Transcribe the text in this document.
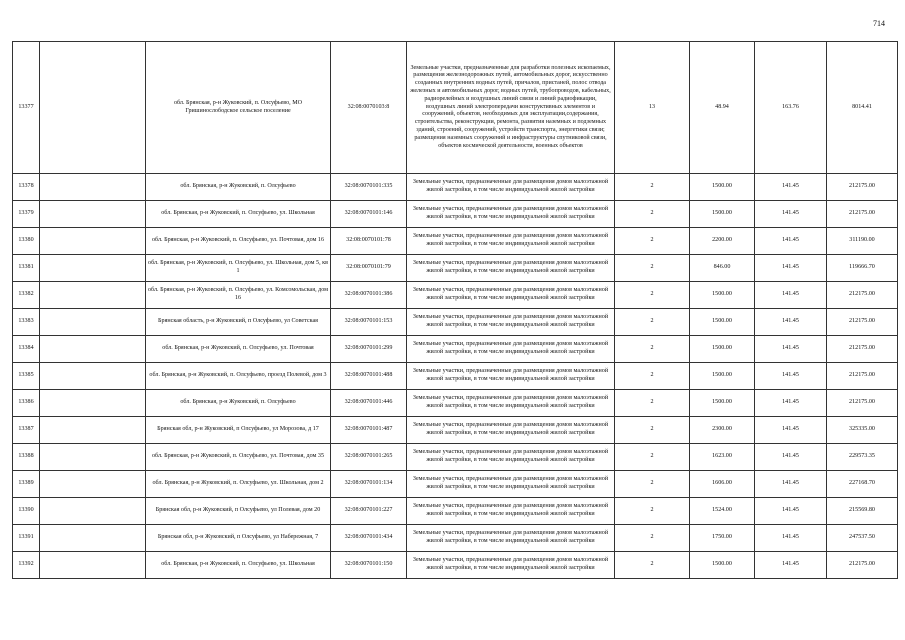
714
13377		обл. Брянская, р-н Жуковский, п. Олсуфьево, МО Гришинослободское сельское поселение	32:08:0070103:8	Земельные участки, предназначенные для разработки полезных ископаемых, размещения железнодорожных путей, автомобильных дорог, искусственно созданных внутренних водных путей, причалов, пристаней, полос отвода железных и автомобильных дорог, водных путей, трубопроводов, кабельных, радиорелейных и воздушных линий связи и линий радиофикации, воздушных линий электропередачи конструктивных элементов и сооружений, объектов, необходимых для эксплуатации,содержания, строительства, реконструкции, ремонта, развития наземных и подземных зданий, строений, сооружений, устройств транспорта, энергетики связи; размещения наземных сооружений и инфраструктуры спутниковой связи, объектов космической деятельности, военных объектов	13	48.94	163.76	8014.41
13378		обл. Брянская, р-н Жуковский, п. Олсуфьево	32:08:0070101:335	Земельные участки, предназначенные для размещения домов малоэтажной жилой застройки, в том числе индивидуальной жилой застройки	2	1500.00	141.45	212175.00
13379		обл. Брянская, р-н Жуковский, п. Олсуфьево, ул. Школьная	32:08:0070101:146	Земельные участки, предназначенные для размещения домов малоэтажной жилой застройки, в том числе индивидуальной жилой застройки	2	1500.00	141.45	212175.00
13380		обл. Брянская, р-н Жуковский, п. Олсуфьево, ул. Почтовая, дом 16	32:08:0070101:78	Земельные участки, предназначенные для размещения домов малоэтажной жилой застройки, в том числе индивидуальной жилой застройки	2	2200.00	141.45	311190.00
13381		обл. Брянская, р-н Жуковский, п. Олсуфьево, ул. Школьная, дом 5, кв 1	32:08:0070101:79	Земельные участки, предназначенные для размещения домов малоэтажной жилой застройки, в том числе индивидуальной жилой застройки	2	846.00	141.45	119666.70
13382		обл. Брянская, р-н Жуковский, п. Олсуфьево, ул. Комсомольская, дом 16	32:08:0070101:386	Земельные участки, предназначенные для размещения домов малоэтажной жилой застройки, в том числе индивидуальной жилой застройки	2	1500.00	141.45	212175.00
13383		Брянская область, р-н Жуковский, п Олсуфьево, ул Советская	32:08:0070101:153	Земельные участки, предназначенные для размещения домов малоэтажной жилой застройки, в том числе индивидуальной жилой застройки	2	1500.00	141.45	212175.00
13384		обл. Брянская, р-н Жуковский, п. Олсуфьево, ул. Почтовая	32:08:0070101:299	Земельные участки, предназначенные для размещения домов малоэтажной жилой застройки, в том числе индивидуальной жилой застройки	2	1500.00	141.45	212175.00
13385		обл. Брянская, р-н Жуковский, п. Олсуфьево, проезд Полевой, дом 3	32:08:0070101:488	Земельные участки, предназначенные для размещения домов малоэтажной жилой застройки, в том числе индивидуальной жилой застройки	2	1500.00	141.45	212175.00
13386		обл. Брянская, р-н Жуковский, п. Олсуфьево	32:08:0070101:446	Земельные участки, предназначенные для размещения домов малоэтажной жилой застройки, в том числе индивидуальной жилой застройки	2	1500.00	141.45	212175.00
13387		Брянская обл, р-н Жуковский, п Олсуфьево, ул Морозова, д 17	32:08:0070101:487	Земельные участки, предназначенные для размещения домов малоэтажной жилой застройки, в том числе индивидуальной жилой застройки	2	2300.00	141.45	325335.00
13388		обл. Брянская, р-н Жуковский, п. Олсуфьево, ул. Почтовая, дом 35	32:08:0070101:265	Земельные участки, предназначенные для размещения домов малоэтажной жилой застройки, в том числе индивидуальной жилой застройки	2	1623.00	141.45	229573.35
13389		обл. Брянская, р-н Жуковский, п. Олсуфьево, ул. Школьная, дом 2	32:08:0070101:134	Земельные участки, предназначенные для размещения домов малоэтажной жилой застройки, в том числе индивидуальной жилой застройки	2	1606.00	141.45	227168.70
13390		Брянская обл, р-н Жуковский, п Олсуфьево, ул Полевая, дом 20	32:08:0070101:227	Земельные участки, предназначенные для размещения домов малоэтажной жилой застройки, в том числе индивидуальной жилой застройки	2	1524.00	141.45	215569.80
13391		Брянская обл, р-н Жуковский, п Олсуфьево, ул Набережная, 7	32:08:0070101:434	Земельные участки, предназначенные для размещения домов малоэтажной жилой застройки, в том числе индивидуальной жилой застройки	2	1750.00	141.45	247537.50
13392		обл. Брянская, р-н Жуковский, п. Олсуфьево, ул. Школьная	32:08:0070101:150	Земельные участки, предназначенные для размещения домов малоэтажной жилой застройки, в том числе индивидуальной жилой застройки	2	1500.00	141.45	212175.00
